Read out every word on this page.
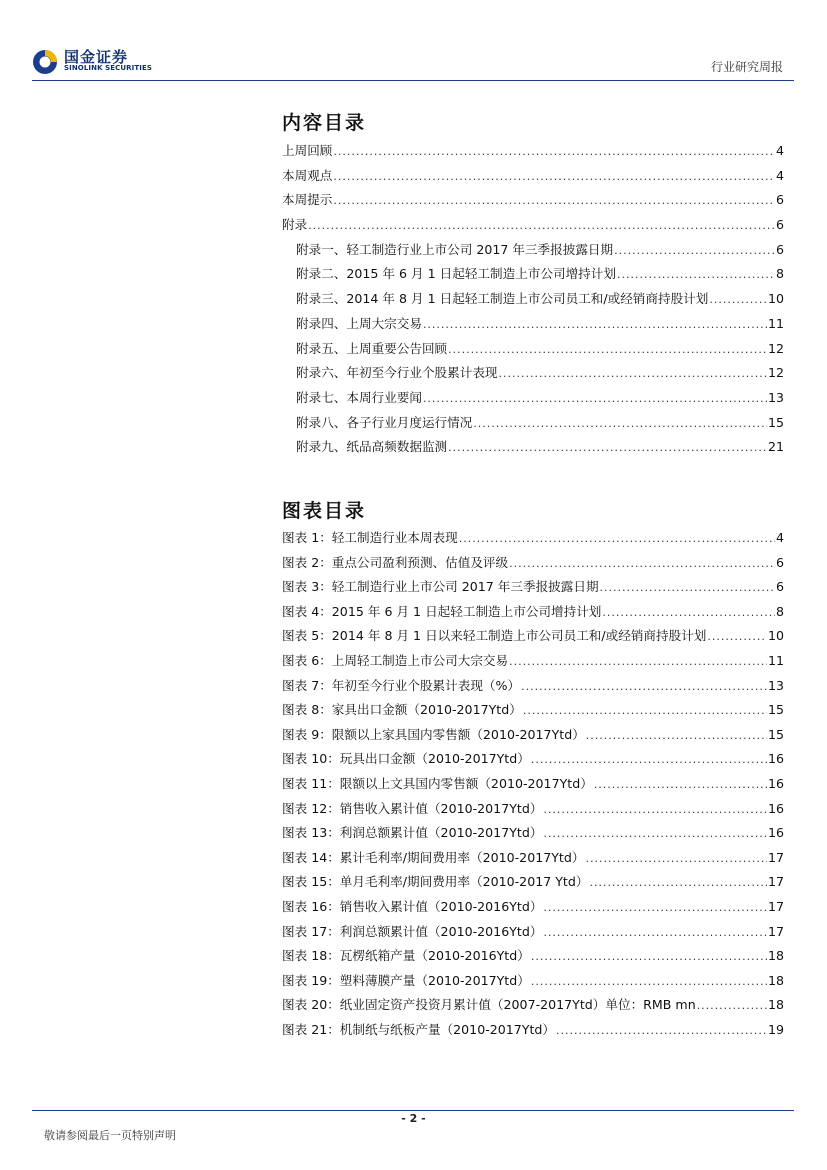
国金证券
SINOLINK SECURITIES	行业研究周报
内容目录
上周回顾 .....	4
本周观点 .....	4
本周提示 .....	6
附录 .....	6
附录一、轻工制造行业上市公司 2017 年三季报披露日期 .....	6
附录二、2015 年 6 月 1 日起轻工制造上市公司增持计划 .....	8
附录三、2014 年 8 月 1 日起轻工制造上市公司员工和/或经销商持股计划 .....	10
附录四、上周大宗交易 .....	11
附录五、上周重要公告回顾 .....	12
附录六、年初至今行业个股累计表现 .....	12
附录七、本周行业要闻 .....	13
附录八、各子行业月度运行情况 .....	15
附录九、纸品高频数据监测 .....	21
图表目录
图表 1：轻工制造行业本周表现 .....	4
图表 2：重点公司盈利预测、估值及评级 .....	6
图表 3：轻工制造行业上市公司 2017 年三季报披露日期 .....	6
图表 4：2015 年 6 月 1 日起轻工制造上市公司增持计划 .....	8
图表 5：2014 年 8 月 1 日以来轻工制造上市公司员工和/或经销商持股计划 .....	10
图表 6：上周轻工制造上市公司大宗交易 .....	11
图表 7：年初至今行业个股累计表现（%） .....	13
图表 8：家具出口金额（2010-2017Ytd） .....	15
图表 9：限额以上家具国内零售额（2010-2017Ytd） .....	15
图表 10：玩具出口金额（2010-2017Ytd） .....	16
图表 11：限额以上文具国内零售额（2010-2017Ytd） .....	16
图表 12：销售收入累计值（2010-2017Ytd） .....	16
图表 13：利润总额累计值（2010-2017Ytd） .....	16
图表 14：累计毛利率/期间费用率（2010-2017Ytd） .....	17
图表 15：单月毛利率/期间费用率（2010-2017 Ytd） .....	17
图表 16：销售收入累计值（2010-2016Ytd） .....	17
图表 17：利润总额累计值（2010-2016Ytd） .....	17
图表 18：瓦楞纸箱产量（2010-2016Ytd） .....	18
图表 19：塑料薄膜产量（2010-2017Ytd） .....	18
图表 20：纸业固定资产投资月累计值（2007-2017Ytd）单位：RMB mn .....	18
图表 21：机制纸与纸板产量（2010-2017Ytd） .....	19
- 2 -
敬请参阅最后一页特别声明
